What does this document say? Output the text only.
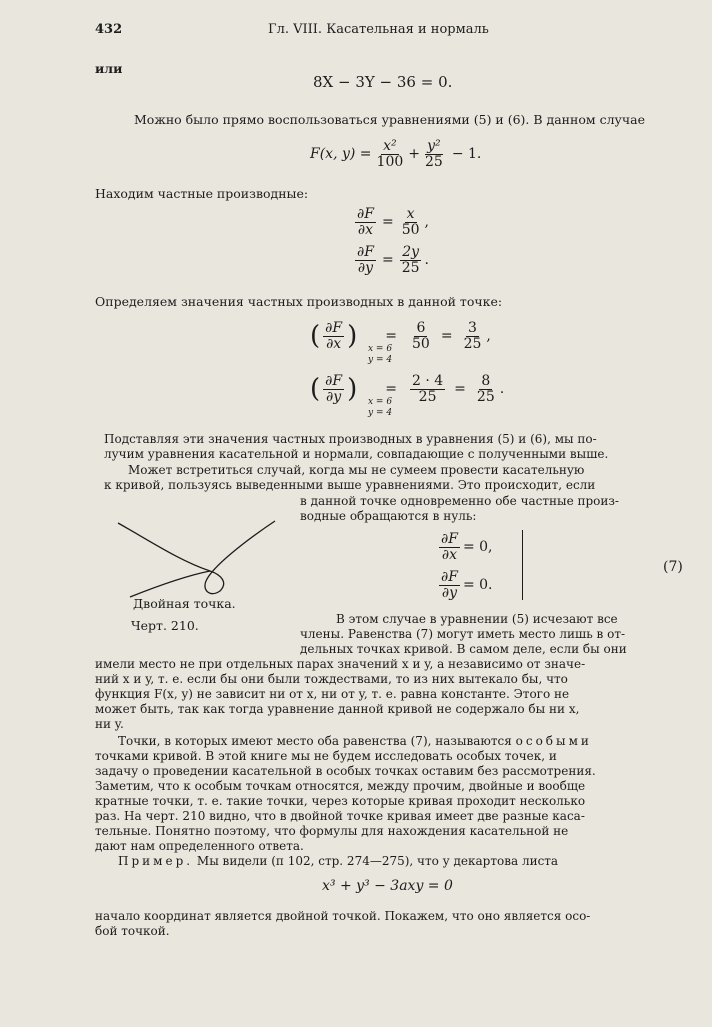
432	Гл. VIII. Касательная и нормаль
или
8X − 3Y − 36 = 0.
Можно было прямо воспользоваться уравнениями (5) и (6). В данном случае
F(x, $y) = \frac{\text{x²}}{100} + \frac{\text{y²}}{25} - 1$.
Находим частные производные:
$\frac{\partial F}{\partial x} = \frac{x}{50}$ ,
$\frac{\partial F}{\partial y} = \frac{2y}{25}$ .
Определяем значения частных производных в данной точке:
( $\frac{\partial F}{\partial x}$ ) = $\frac{6}{50} = \frac{3}{25}$ ,
x = 6
y = 4
( $\frac{\partial F}{\partial y}$ ) = $\frac{2 \cdot 4}{25} = \frac{8}{25}$ .
x = 6
y = 4
Подставляя эти значения частных производных в уравнения (5) и (6), мы по-
лучим уравнения касательной и нормали, совпадающие с полученными выше.
Может встретиться случай, когда мы не сумеем провести касательную
к кривой, пользуясь выведенными выше уравнениями. Это происходит, если
в данной точке одновременно обе частные произ-
водные обращаются в нуль:
Двойная точка.
Черт. 210.
$\frac{\partial F}{\partial x} = 0$,
$\frac{\partial F}{\partial y} = 0$.
(7)
В этом случае в уравнении (5) исчезают все
члены. Равенства (7) могут иметь место лишь в от-
дельных точках кривой. В самом деле, если бы они
имели место не при отдельных парах значений x и y, а независимо от значе-
ний x и y, т. е. если бы они были тождествами, то из них вытекало бы, что
функция F(x, y) не зависит ни от x, ни от y, т. е. равна константе. Этого не
может быть, так как тогда уравнение данной кривой не содержало бы ни x,
ни y.
Точки, в которых имеют место оба равенства (7), называются особыми
точками кривой. В этой книге мы не будем исследовать особых точек, и
задачу о проведении касательной в особых точках оставим без рассмотрения.
Заметим, что к особым точкам относятся, между прочим, двойные и вообще
кратные точки, т. е. такие точки, через которые кривая проходит несколько
раз. На черт. 210 видно, что в двойной точке кривая имеет две разные каса-
тельные. Понятно поэтому, что формулы для нахождения касательной не
дают нам определенного ответа.
Пример. Мы видели (п 102, стр. 274—275), что у декартова листа
x³ + y³ − 3axy = 0
начало координат является двойной точкой. Покажем, что оно является осо-
бой точкой.
